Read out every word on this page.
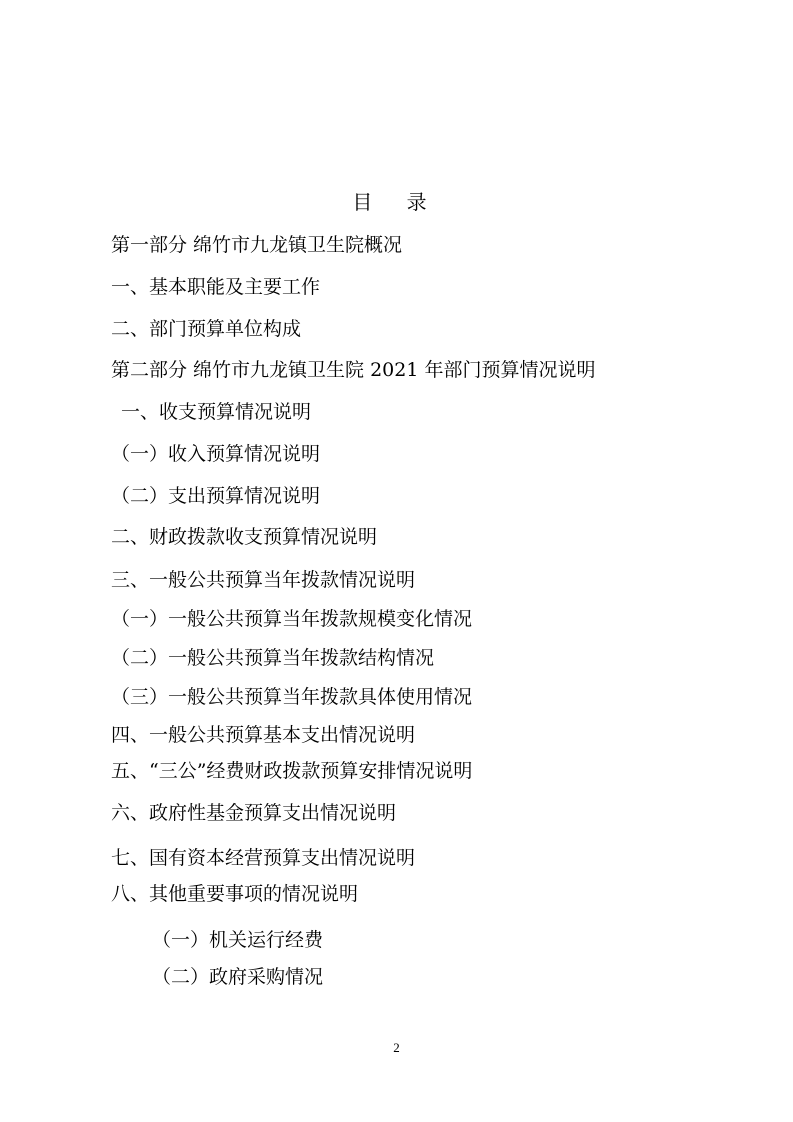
目 录
第一部分 绵竹市九龙镇卫生院概况
一、基本职能及主要工作
二、部门预算单位构成
第二部分 绵竹市九龙镇卫生院 2021 年部门预算情况说明
一、收支预算情况说明
（一）收入预算情况说明
（二）支出预算情况说明
二、财政拨款收支预算情况说明
三、一般公共预算当年拨款情况说明
（一）一般公共预算当年拨款规模变化情况
（二）一般公共预算当年拨款结构情况
（三）一般公共预算当年拨款具体使用情况
四、一般公共预算基本支出情况说明
五、“三公”经费财政拨款预算安排情况说明
六、政府性基金预算支出情况说明
七、国有资本经营预算支出情况说明
八、其他重要事项的情况说明
（一）机关运行经费
（二）政府采购情况
2
